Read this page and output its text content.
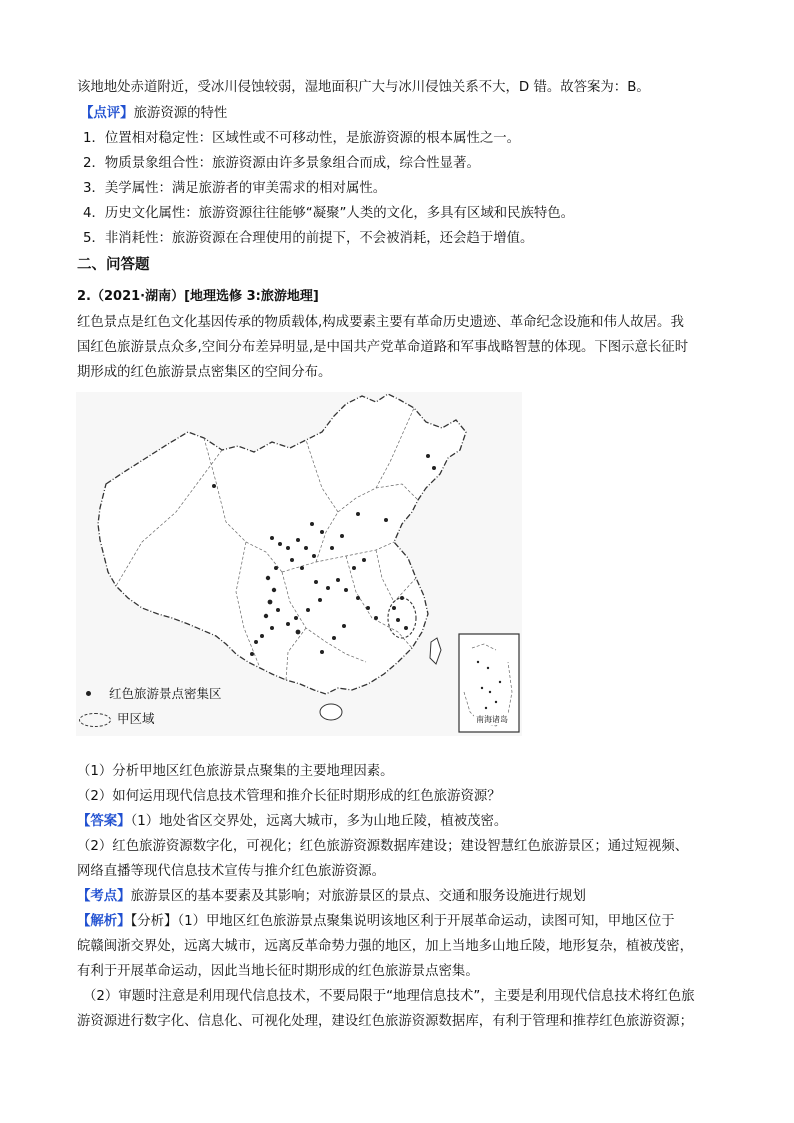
该地地处赤道附近，受冰川侵蚀较弱，湿地面积广大与冰川侵蚀关系不大，D 错。故答案为：B。
【点评】旅游资源的特性
1．位置相对稳定性：区域性或不可移动性，是旅游资源的根本属性之一。
2．物质景象组合性：旅游资源由许多景象组合而成，综合性显著。
3．美学属性：满足旅游者的审美需求的相对属性。
4．历史文化属性：旅游资源往往能够“凝聚”人类的文化，多具有区域和民族特色。
5．非消耗性：旅游资源在合理使用的前提下，不会被消耗，还会趋于增值。
二、问答题
2.（2021·湖南）[地理选修 3:旅游地理]
红色景点是红色文化基因传承的物质载体,构成要素主要有革命历史遗迹、革命纪念设施和伟人故居。我
国红色旅游景点众多,空间分布差异明显,是中国共产党革命道路和军事战略智慧的体现。下图示意长征时
期形成的红色旅游景点密集区的空间分布。
南海诸岛
红色旅游景点密集区
甲区域
（1）分析甲地区红色旅游景点聚集的主要地理因素。
（2）如何运用现代信息技术管理和推介长征时期形成的红色旅游资源？
【答案】（1）地处省区交界处，远离大城市，多为山地丘陵，植被茂密。
（2）红色旅游资源数字化，可视化；红色旅游资源数据库建设；建设智慧红色旅游景区；通过短视频、
网络直播等现代信息技术宣传与推介红色旅游资源。
【考点】旅游景区的基本要素及其影响；对旅游景区的景点、交通和服务设施进行规划
【解析】【分析】（1）甲地区红色旅游景点聚集说明该地区利于开展革命运动，读图可知，甲地区位于
皖赣闽浙交界处，远离大城市，远离反革命势力强的地区，加上当地多山地丘陵，地形复杂，植被茂密，
有利于开展革命运动，因此当地长征时期形成的红色旅游景点密集。
（2）审题时注意是利用现代信息技术，不要局限于“地理信息技术”，主要是利用现代信息技术将红色旅
游资源进行数字化、信息化、可视化处理，建设红色旅游资源数据库，有利于管理和推荐红色旅游资源；
